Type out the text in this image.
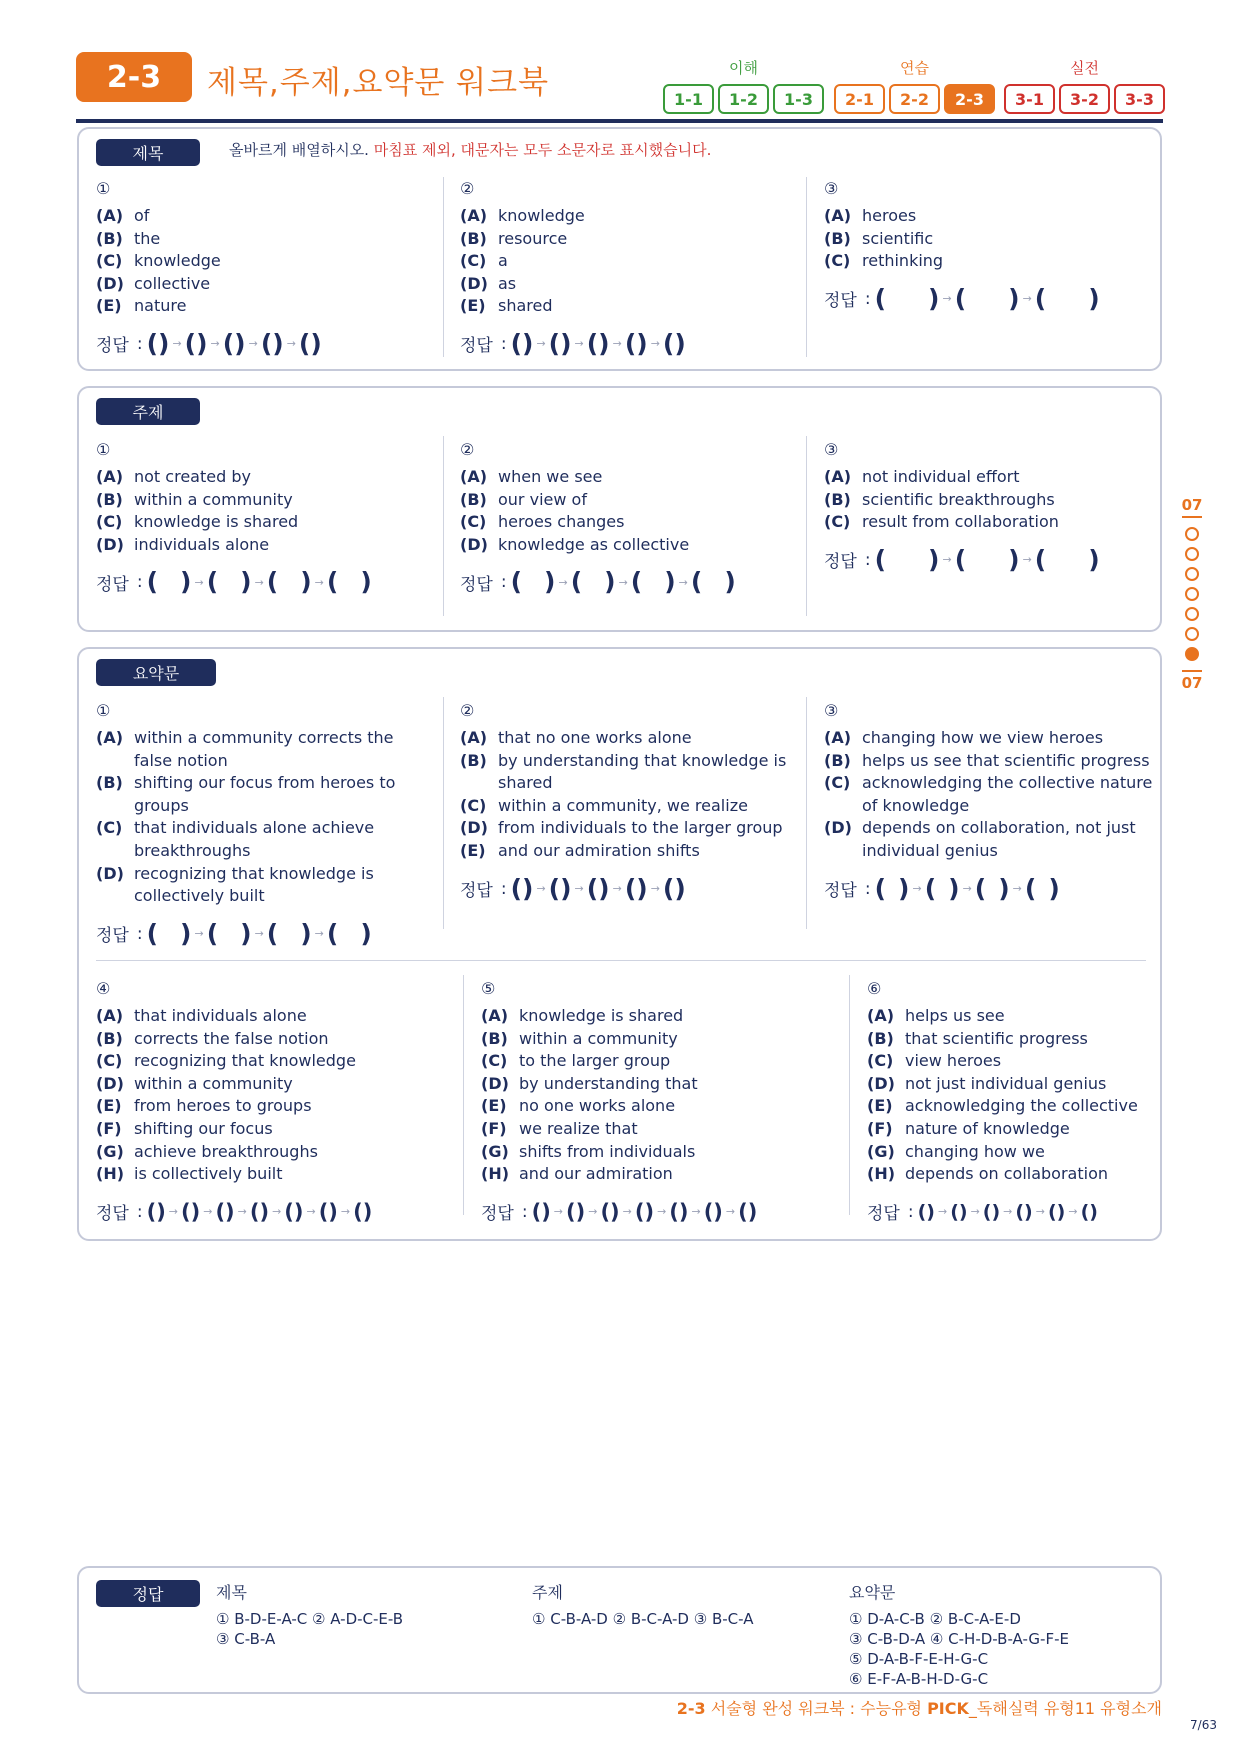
2-3	제목,주제,요약문 워크북	이해
1-1	1-2	1-3
연습
2-1	2-2	2-3
실전
3-1	3-2	3-3
제목	올바르게 배열하시오. 마침표 제외, 대문자는 모두 소문자로 표시했습니다.
①
(A) of
(B) the
(C) knowledge
(D) collective
(E) nature
정답 : () → () → () → () → ()
②
(A) knowledge
(B) resource
(C) a
(D) as
(E) shared
정답 : () → () → () → () → ()
③
(A) heroes
(B) scientific
(C) rethinking
정답 : ( ) → ( ) → ( )
주제
①
(A) not created by
(B) within a community
(C) knowledge is shared
(D) individuals alone
정답 : ( ) → ( ) → ( ) → ( )
②
(A) when we see
(B) our view of
(C) heroes changes
(D) knowledge as collective
정답 : ( ) → ( ) → ( ) → ( )
③
(A) not individual effort
(B) scientific breakthroughs
(C) result from collaboration
정답 : ( ) → ( ) → ( )
07
07
요약문
①
(A) within a community corrects the false notion
(B) shifting our focus from heroes to groups
(C) that individuals alone achieve breakthroughs
(D) recognizing that knowledge is collectively built
정답 : ( ) → ( ) → ( ) → ( )
②
(A) that no one works alone
(B) by understanding that knowledge is shared
(C) within a community, we realize
(D) from individuals to the larger group
(E) and our admiration shifts
정답 : () → () → () → () → ()
③
(A) changing how we view heroes
(B) helps us see that scientific progress
(C) acknowledging the collective nature of knowledge
(D) depends on collaboration, not just individual genius
정답 : ( ) → ( ) → ( ) → ( )
④
(A) that individuals alone
(B) corrects the false notion
(C) recognizing that knowledge
(D) within a community
(E) from heroes to groups
(F) shifting our focus
(G) achieve breakthroughs
(H) is collectively built
정답 : () → () → () → () → () → () → ()
⑤
(A) knowledge is shared
(B) within a community
(C) to the larger group
(D) by understanding that
(E) no one works alone
(F) we realize that
(G) shifts from individuals
(H) and our admiration
정답 : () → () → () → () → () → () → ()
⑥
(A) helps us see
(B) that scientific progress
(C) view heroes
(D) not just individual genius
(E) acknowledging the collective
(F) nature of knowledge
(G) changing how we
(H) depends on collaboration
정답 : () → () → () → () → () → ()
정답	제목
① B-D-E-A-C ② A-D-C-E-B
③ C-B-A
주제
① C-B-A-D ② B-C-A-D ③ B-C-A
요약문
① D-A-C-B ② B-C-A-E-D
③ C-B-D-A ④ C-H-D-B-A-G-F-E
⑤ D-A-B-F-E-H-G-C
⑥ E-F-A-B-H-D-G-C
2-3 서술형 완성 워크북 : 수능유형 PICK_독해실력 유형11 유형소개
7/63
